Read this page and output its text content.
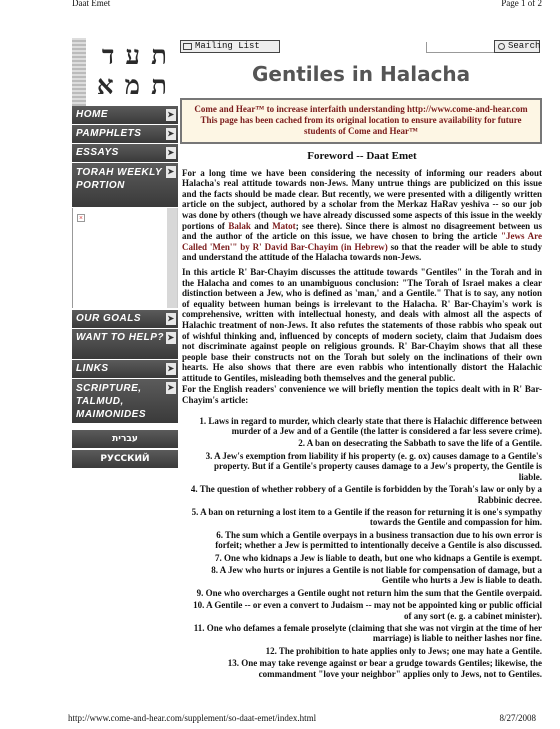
Daat Emet	Page 1 of 2
ת ע ד
ת מ א
HOME	➤
PAMPHLETS	➤
ESSAYS	➤
TORAH WEEKLY PORTION
➤
×
OUR GOALS	➤
WANT TO HELP? ➤
LINKS	➤
SCRIPTURE, TALMUD, MAIMONIDES
➤
עברית
РУССКИЙ
Mailing List	Search
Gentiles in Halacha
Come and Hear™ to increase interfaith understanding http://www.come-and-hear.com This page has been cached from its original location to ensure availability for future students of Come and Hear™
Foreword -- Daat Emet

For a long time we have been considering the necessity of informing our readers about Halacha's real attitude towards non-Jews. Many untrue things are publicized on this issue and the facts should be made clear. But recently, we were presented with a diligently written article on the subject, authored by a scholar from the Merkaz HaRav yeshiva -- so our job was done by others (though we have already discussed some aspects of this issue in the weekly portions of Balak and Matot; see there). Since there is almost no disagreement between us and the author of the article on this issue, we have chosen to bring the article "Jews Are Called 'Men'" by R' David Bar-Chayim (in Hebrew) so that the reader will be able to study and understand the attitude of the Halacha towards non-Jews.

In this article R' Bar-Chayim discusses the attitude towards "Gentiles" in the Torah and in the Halacha and comes to an unambiguous conclusion: "The Torah of Israel makes a clear distinction between a Jew, who is defined as 'man,' and a Gentile." That is to say, any notion of equality between human beings is irrelevant to the Halacha. R' Bar-Chayim's work is comprehensive, written with intellectual honesty, and deals with almost all the aspects of Halachic treatment of non-Jews. It also refutes the statements of those rabbis who speak out of wishful thinking and, influenced by concepts of modern society, claim that Judaism does not discriminate against people on religious grounds. R' Bar-Chayim shows that all these people base their constructs not on the Torah but solely on the inclinations of their own hearts. He also shows that there are even rabbis who intentionally distort the Halachic attitude to Gentiles, misleading both themselves and the general public.

For the English readers' convenience we will briefly mention the topics dealt with in R' Bar-Chayim's article:

1. Laws in regard to murder, which clearly state that there is Halachic difference between murder of a Jew and of a Gentile (the latter is considered a far less severe crime).
2. A ban on desecrating the Sabbath to save the life of a Gentile.
3. A Jew's exemption from liability if his property (e. g. ox) causes damage to a Gentile's property. But if a Gentile's property causes damage to a Jew's property, the Gentile is liable.
4. The question of whether robbery of a Gentile is forbidden by the Torah's law or only by a Rabbinic decree.
5. A ban on returning a lost item to a Gentile if the reason for returning it is one's sympathy towards the Gentile and compassion for him.
6. The sum which a Gentile overpays in a business transaction due to his own error is forfeit; whether a Jew is permitted to intentionally deceive a Gentile is also discussed.
7. One who kidnaps a Jew is liable to death, but one who kidnaps a Gentile is exempt.
8. A Jew who hurts or injures a Gentile is not liable for compensation of damage, but a Gentile who hurts a Jew is liable to death.
9. One who overcharges a Gentile ought not return him the sum that the Gentile overpaid.
10. A Gentile -- or even a convert to Judaism -- may not be appointed king or public official of any sort (e. g. a cabinet minister).
11. One who defames a female proselyte (claiming that she was not virgin at the time of her marriage) is liable to neither lashes nor fine.
12. The prohibition to hate applies only to Jews; one may hate a Gentile.
13. One may take revenge against or bear a grudge towards Gentiles; likewise, the commandment "love your neighbor" applies only to Jews, not to Gentiles.
http://www.come-and-hear.com/supplement/so-daat-emet/index.html	8/27/2008
